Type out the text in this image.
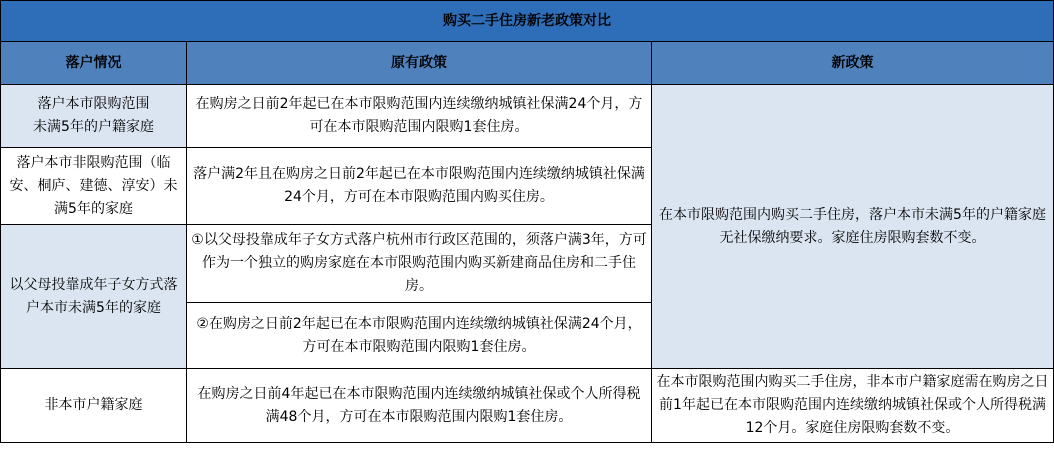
购买二手住房新老政策对比		
落户情况	原有政策	新政策
落户本市限购范围
未满5年的户籍家庭	在购房之日前2年起已在本市限购范围内连续缴纳城镇社保满24个月，方可在本市限购范围内限购1套住房。	在本市限购范围内购买二手住房，落户本市未满5年的户籍家庭无社保缴纳要求。家庭住房限购套数不变。
落户本市非限购范围（临安、桐庐、建德、淳安）未满5年的家庭	落户满2年且在购房之日前2年起已在本市限购范围内连续缴纳城镇社保满24个月，方可在本市限购范围内购买住房。	
以父母投靠成年子女方式落户本市未满5年的家庭	①以父母投靠成年子女方式落户杭州市行政区范围的，须落户满3年，方可作为一个独立的购房家庭在本市限购范围内购买新建商品住房和二手住房。	
	②在购房之日前2年起已在本市限购范围内连续缴纳城镇社保满24个月，方可在本市限购范围内限购1套住房。	
非本市户籍家庭	在购房之日前4年起已在本市限购范围内连续缴纳城镇社保或个人所得税满48个月，方可在本市限购范围内限购1套住房。	在本市限购范围内购买二手住房，非本市户籍家庭需在购房之日前1年起已在本市限购范围内连续缴纳城镇社保或个人所得税满12个月。家庭住房限购套数不变。
